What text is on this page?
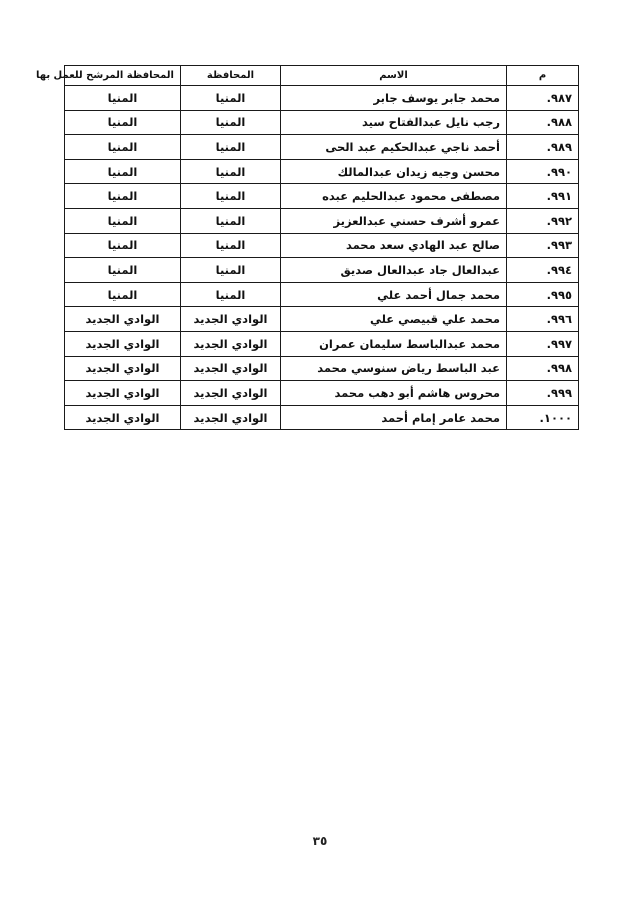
م	الاسم	المحافظة	المحافظة المرشح للعمل بها
٩٨٧.	محمد جابر يوسف جابر	المنيا	المنيا
٩٨٨.	رجب نايل عبدالفتاح سيد	المنيا	المنيا
٩٨٩.	أحمد ناجي عبدالحكيم عبد الحى	المنيا	المنيا
٩٩٠.	محسن وجيه زيدان عبدالمالك	المنيا	المنيا
٩٩١.	مصطفى محمود عبدالحليم عبده	المنيا	المنيا
٩٩٢.	عمرو أشرف حسني عبدالعزيز	المنيا	المنيا
٩٩٣.	صالح عبد الهادي سعد محمد	المنيا	المنيا
٩٩٤.	عبدالعال جاد عبدالعال صديق	المنيا	المنيا
٩٩٥.	محمد جمال أحمد علي	المنيا	المنيا
٩٩٦.	محمد علي قبيصي علي	الوادي الجديد	الوادي الجديد
٩٩٧.	محمد عبدالباسط سليمان عمران	الوادي الجديد	الوادي الجديد
٩٩٨.	عبد الباسط رياض سنوسي محمد	الوادي الجديد	الوادي الجديد
٩٩٩.	محروس هاشم أبو دهب محمد	الوادي الجديد	الوادي الجديد
١٠٠٠.	محمد عامر إمام أحمد	الوادي الجديد	الوادي الجديد
٣٥
